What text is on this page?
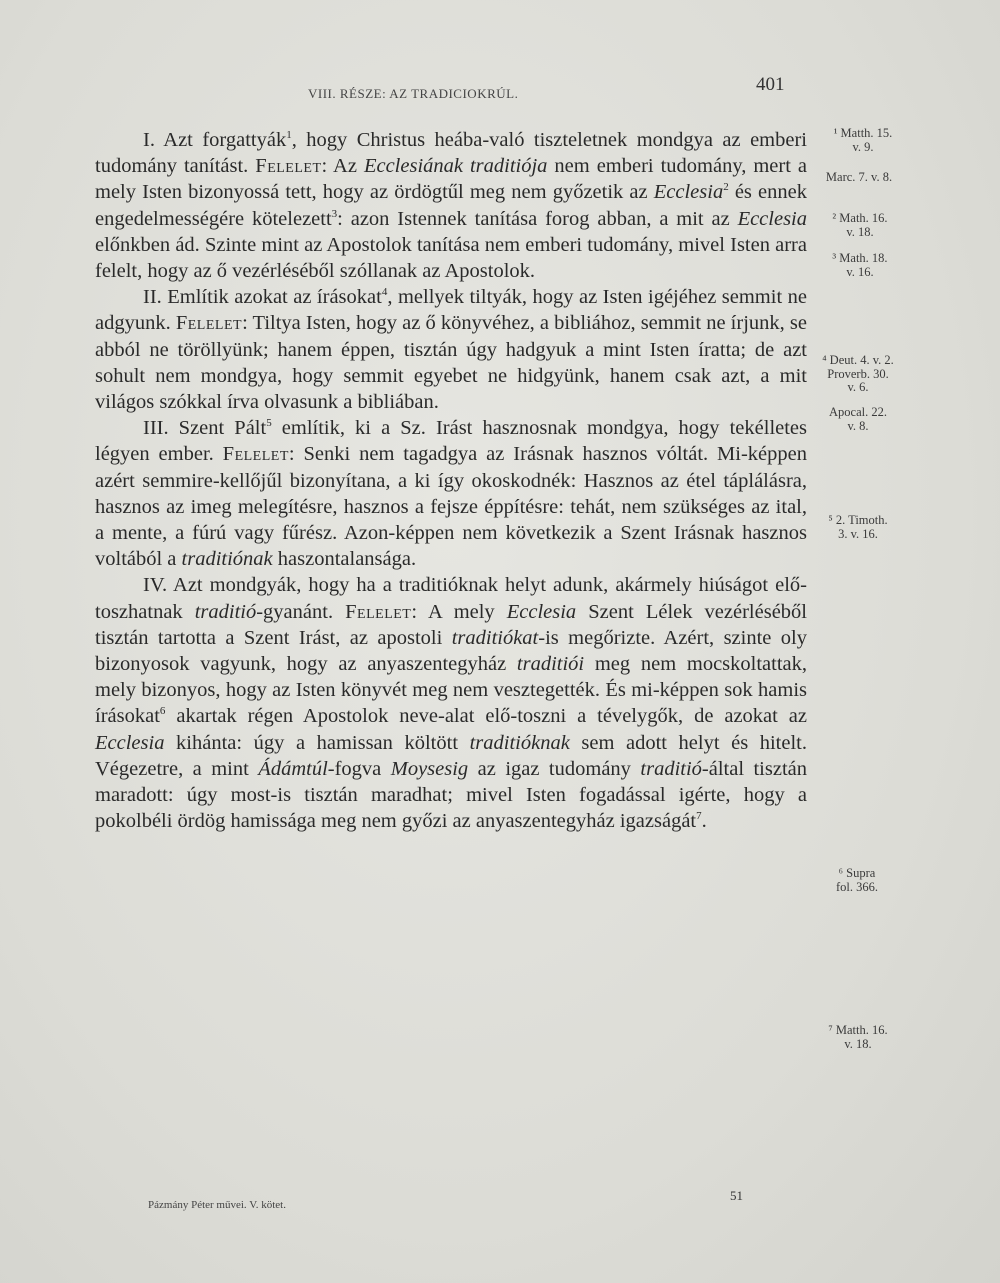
VIII. RÉSZE: AZ TRADICIOKRÚL.	401

I. Azt forgattyák$^1$, hogy Christus heába-való tiszteletnek mondgya az emberi tudomány tanítást. Felelet: Az Ecclesiának traditiója nem emberi tudomány, mert a mely Isten bizonyossá tett, hogy az ördögtűl meg nem győzetik az Ecclesia$^2$ és ennek engedelmességére kötelezett$^3$: azon Istennek tanítása forog abban, a mit az Ecclesia előnkben ád. Szinte mint az Apostolok tanítása nem emberi tudomány, mivel Isten arra felelt, hogy az ő vezérléséből szóllanak az Apostolok.

II. Említik azokat az írásokat$^4$, mellyek tiltyák, hogy az Isten igéjéhez semmit ne adgyunk. Felelet: Tiltya Isten, hogy az ő könyvéhez, a bibliához, semmit ne írjunk, se abból ne töröllyünk; hanem éppen, tisztán úgy hadgyuk a mint Isten íratta; de azt sohult nem mondgya, hogy semmit egyebet ne hidgyünk, hanem csak azt, a mit világos szókkal írva olvasunk a bibliában.

III. Szent Pált$^5$ említik, ki a Sz. Irást hasznosnak mondgya, hogy tekélletes légyen ember. Felelet: Senki nem tagadgya az Irásnak hasznos vóltát. Mi-képpen azért semmire-kellőjűl bizonyítana, a ki így okoskodnék: Hasznos az étel táplálásra, hasznos az imeg melegítésre, hasznos a fejsze éppítésre: tehát, nem szükséges az ital, a mente, a fúrú vagy fűrész. Azon-képpen nem következik a Szent Irásnak hasznos voltából a traditiónak haszontalansága.

IV. Azt mondgyák, hogy ha a traditióknak helyt adunk, akármely hiúságot elő-toszhatnak traditió-gyanánt. Felelet: A mely Ecclesia Szent Lélek vezérléséből tisztán tartotta a Szent Irást, az apostoli traditiókat-is megőrizte. Azért, szinte oly bizonyosok vagyunk, hogy az anyaszentegyház traditiói meg nem mocskoltattak, mely bizonyos, hogy az Isten könyvét meg nem vesztegették. És mi-képpen sok hamis írásokat$^6$ akartak régen Apostolok neve-alat elő-toszni a tévelygők, de azokat az Ecclesia kihánta: úgy a hamissan költött traditióknak sem adott helyt és hitelt. Végezetre, a mint Ádámtúl-fogva Moysesig az igaz tudomány traditió-által tisztán maradott: úgy most-is tisztán maradhat; mivel Isten fogadással igérte, hogy a pokolbéli ördög hamissága meg nem győzi az anyaszentegyház igazságát$^7$.

¹ Matth. 15.
v. 9.
Marc. 7. v. 8.
² Math. 16.
v. 18.
³ Math. 18.
v. 16.
⁴ Deut. 4. v. 2.
Proverb. 30.
v. 6.
Apocal. 22.
v. 8.
⁵ 2. Timoth.
3. v. 16.
⁶ Supra
fol. 366.
⁷ Matth. 16.
v. 18.
Pázmány Péter művei. V. kötet.
51
